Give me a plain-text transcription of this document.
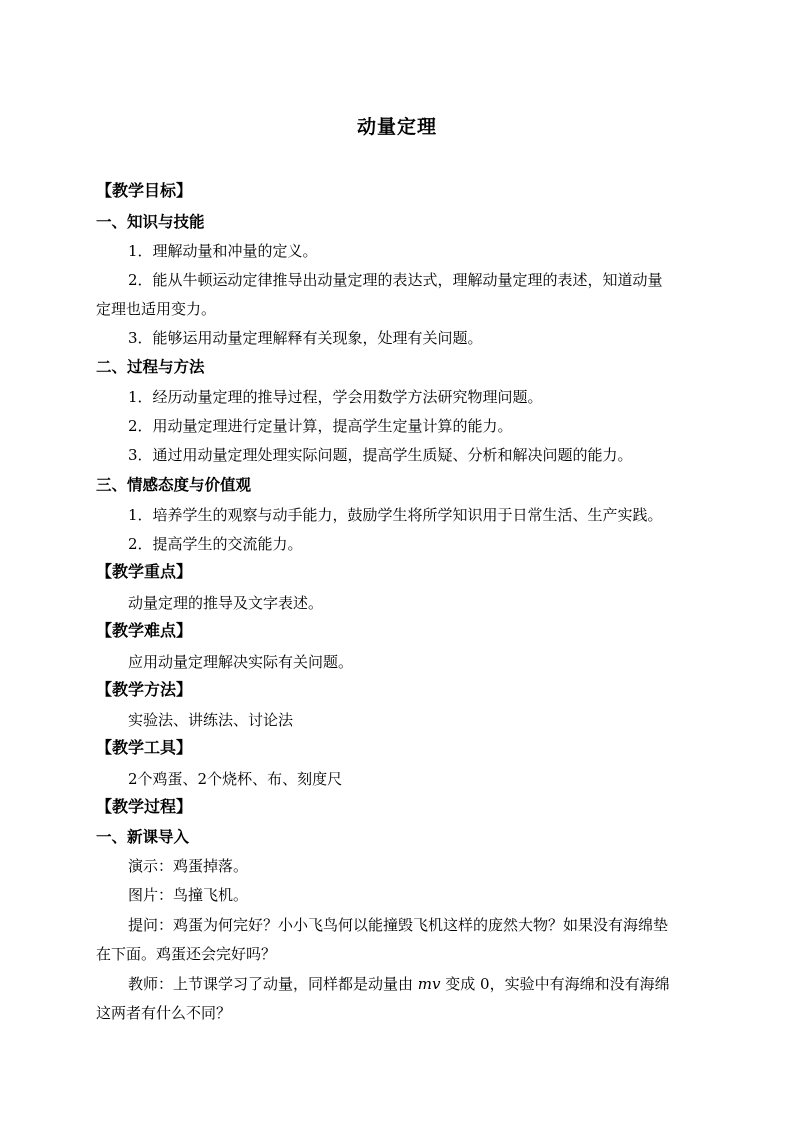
动量定理
【教学目标】
一、知识与技能
1．理解动量和冲量的定义。
2．能从牛顿运动定律推导出动量定理的表达式，理解动量定理的表述，知道动量
定理也适用变力。
3．能够运用动量定理解释有关现象，处理有关问题。
二、过程与方法
1．经历动量定理的推导过程，学会用数学方法研究物理问题。
2．用动量定理进行定量计算，提高学生定量计算的能力。
3．通过用动量定理处理实际问题，提高学生质疑、分析和解决问题的能力。
三、情感态度与价值观
1．培养学生的观察与动手能力，鼓励学生将所学知识用于日常生活、生产实践。
2．提高学生的交流能力。
【教学重点】
动量定理的推导及文字表述。
【教学难点】
应用动量定理解决实际有关问题。
【教学方法】
实验法、讲练法、讨论法
【教学工具】
2个鸡蛋、2个烧杯、布、刻度尺
【教学过程】
一、新课导入
演示：鸡蛋掉落。
图片：鸟撞飞机。
提问：鸡蛋为何完好？小小飞鸟何以能撞毁飞机这样的庞然大物？如果没有海绵垫
在下面。鸡蛋还会完好吗？
教师：上节课学习了动量，同样都是动量由 mv 变成 0，实验中有海绵和没有海绵
这两者有什么不同？
